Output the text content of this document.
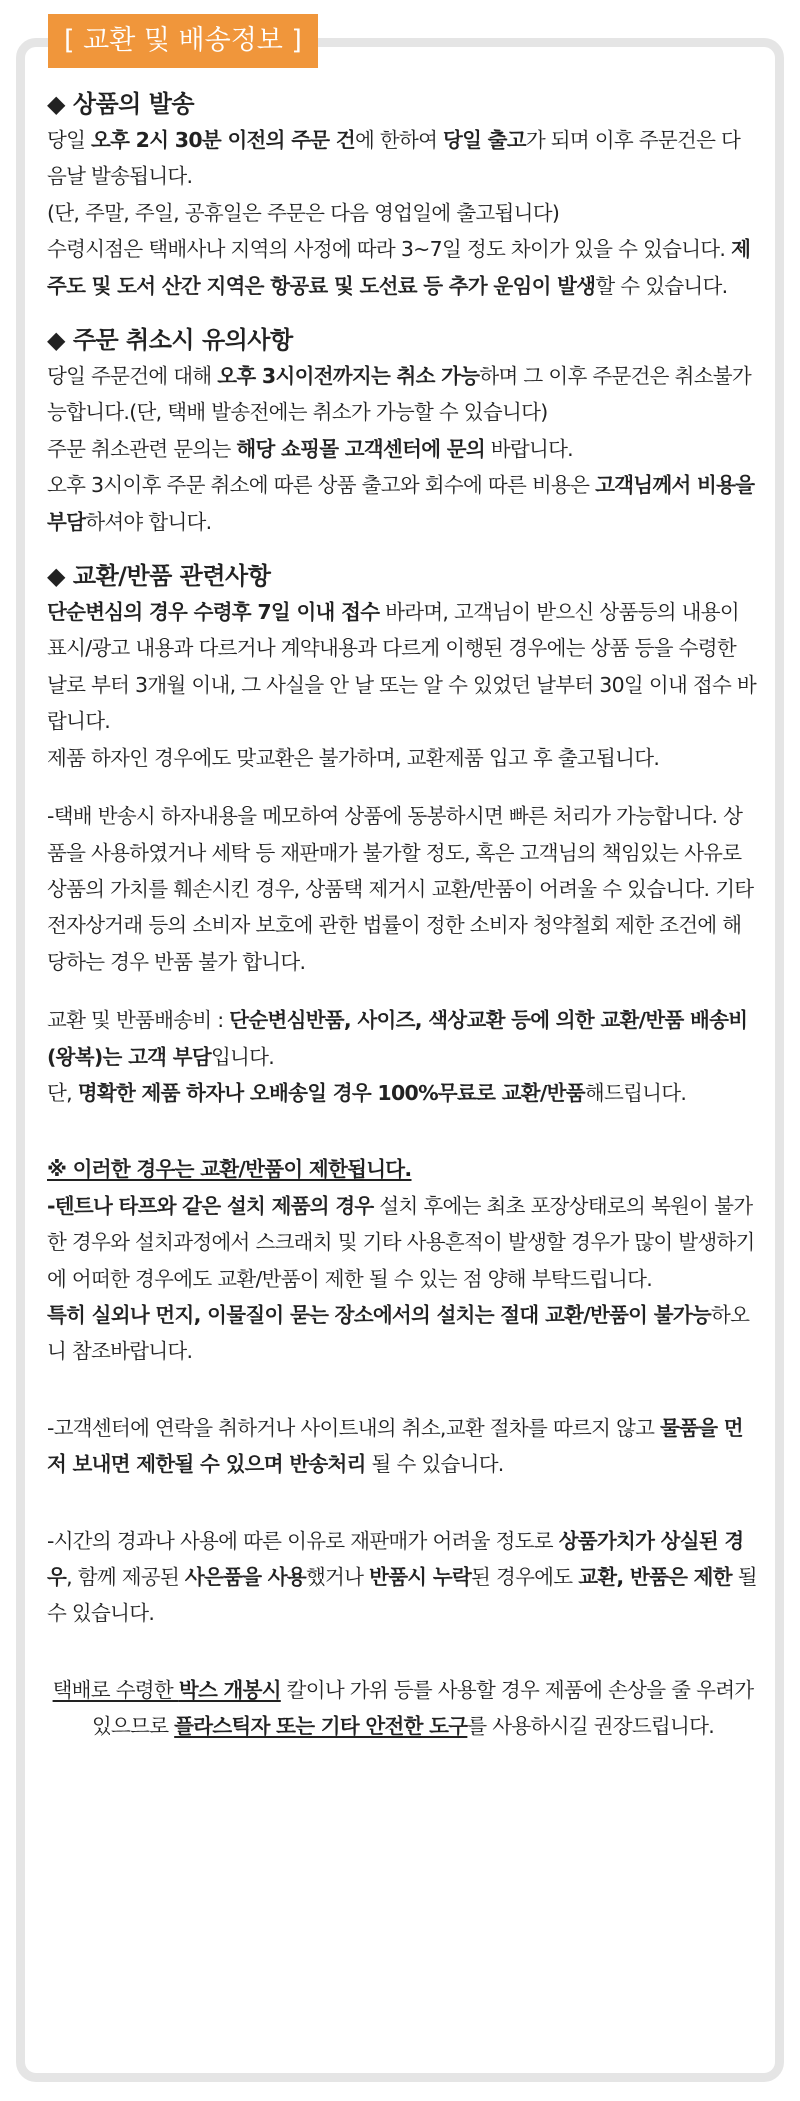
[ 교환 및 배송정보 ]
◆ 상품의 발송

당일 오후 2시 30분 이전의 주문 건에 한하여 당일 출고가 되며 이후 주문건은 다음날 발송됩니다.

(단, 주말, 주일, 공휴일은 주문은 다음 영업일에 출고됩니다)

수령시점은 택배사나 지역의 사정에 따라 3~7일 정도 차이가 있을 수 있습니다. 제주도 및 도서 산간 지역은 항공료 및 도선료 등 추가 운임이 발생할 수 있습니다.

◆ 주문 취소시 유의사항

당일 주문건에 대해 오후 3시이전까지는 취소 가능하며 그 이후 주문건은 취소불가능합니다.(단, 택배 발송전에는 취소가 가능할 수 있습니다)

주문 취소관련 문의는 해당 쇼핑몰 고객센터에 문의 바랍니다.

오후 3시이후 주문 취소에 따른 상품 출고와 회수에 따른 비용은 고객님께서 비용을 부담하셔야 합니다.

◆ 교환/반품 관련사항

단순변심의 경우 수령후 7일 이내 접수 바라며, 고객님이 받으신 상품등의 내용이 표시/광고 내용과 다르거나 계약내용과 다르게 이행된 경우에는 상품 등을 수령한 날로 부터 3개월 이내, 그 사실을 안 날 또는 알 수 있었던 날부터 30일 이내 접수 바랍니다.

제품 하자인 경우에도 맞교환은 불가하며, 교환제품 입고 후 출고됩니다.

-택배 반송시 하자내용을 메모하여 상품에 동봉하시면 빠른 처리가 가능합니다. 상품을 사용하였거나 세탁 등 재판매가 불가할 정도, 혹은 고객님의 책임있는 사유로 상품의 가치를 훼손시킨 경우, 상품택 제거시 교환/반품이 어려울 수 있습니다. 기타 전자상거래 등의 소비자 보호에 관한 법률이 정한 소비자 청약철회 제한 조건에 해당하는 경우 반품 불가 합니다.

교환 및 반품배송비 : 단순변심반품, 사이즈, 색상교환 등에 의한 교환/반품 배송비(왕복)는 고객 부담입니다.

단, 명확한 제품 하자나 오배송일 경우 100%무료로 교환/반품해드립니다.

※ 이러한 경우는 교환/반품이 제한됩니다.

-텐트나 타프와 같은 설치 제품의 경우 설치 후에는 최초 포장상태로의 복원이 불가한 경우와 설치과정에서 스크래치 및 기타 사용흔적이 발생할 경우가 많이 발생하기에 어떠한 경우에도 교환/반품이 제한 될 수 있는 점 양해 부탁드립니다.

특히 실외나 먼지, 이물질이 묻는 장소에서의 설치는 절대 교환/반품이 불가능하오니 참조바랍니다.

-고객센터에 연락을 취하거나 사이트내의 취소,교환 절차를 따르지 않고 물품을 먼저 보내면 제한될 수 있으며 반송처리 될 수 있습니다.

-시간의 경과나 사용에 따른 이유로 재판매가 어려울 정도로 상품가치가 상실된 경우, 함께 제공된 사은품을 사용했거나 반품시 누락된 경우에도 교환, 반품은 제한 될 수 있습니다.

택배로 수령한 박스 개봉시 칼이나 가위 등를 사용할 경우 제품에 손상을 줄 우려가 있으므로 플라스틱자 또는 기타 안전한 도구를 사용하시길 권장드립니다.
